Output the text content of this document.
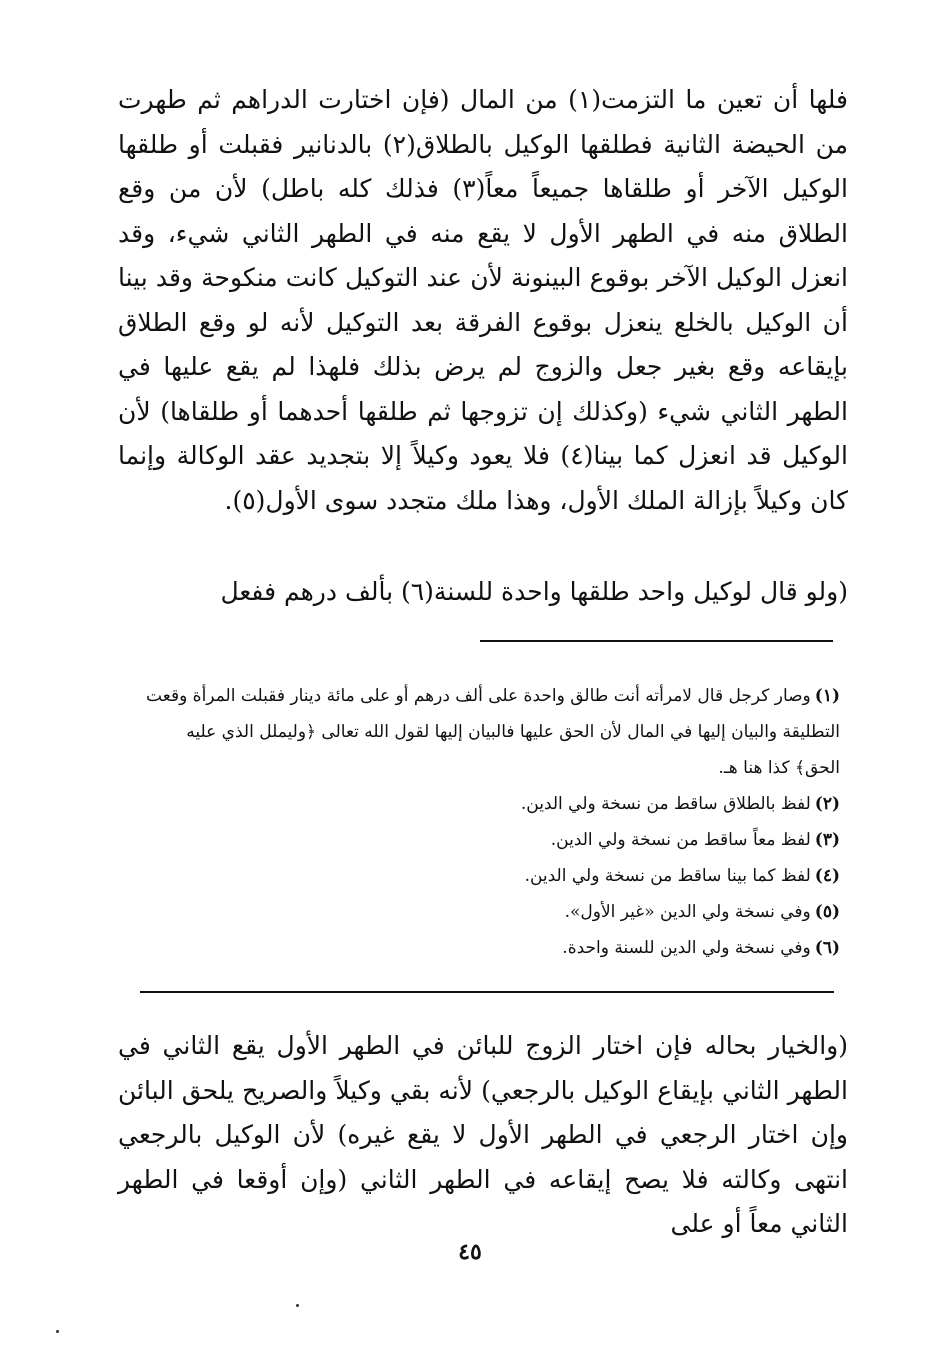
فلها أن تعين ما التزمت(١) من المال (فإن اختارت الدراهم ثم طهرت من الحيضة الثانية فطلقها الوكيل بالطلاق(٢) بالدنانير فقبلت أو طلقها الوكيل الآخر أو طلقاها جميعاً معاً(٣) فذلك كله باطل) لأن من وقع الطلاق منه في الطهر الأول لا يقع منه في الطهر الثاني شيء، وقد انعزل الوكيل الآخر بوقوع البينونة لأن عند التوكيل كانت منكوحة وقد بينا أن الوكيل بالخلع ينعزل بوقوع الفرقة بعد التوكيل لأنه لو وقع الطلاق بإيقاعه وقع بغير جعل والزوج لم يرض بذلك فلهذا لم يقع عليها في الطهر الثاني شيء (وكذلك إن تزوجها ثم طلقها أحدهما أو طلقاها) لأن الوكيل قد انعزل كما بينا(٤) فلا يعود وكيلاً إلا بتجديد عقد الوكالة وإنما كان وكيلاً بإزالة الملك الأول، وهذا ملك متجدد سوى الأول(٥).

(ولو قال لوكيل واحد طلقها واحدة للسنة(٦) بألف درهم ففعل

(١)وصار كرجل قال لامرأته أنت طالق واحدة على ألف درهم أو على مائة دينار فقبلت المرأة وقعت التطليقة والبيان إليها في المال لأن الحق عليها فالبيان إليها لقول الله تعالى ﴿وليملل الذي عليه الحق﴾ كذا هنا هـ.

(٢)لفظ بالطلاق ساقط من نسخة ولي الدين.

(٣)لفظ معاً ساقط من نسخة ولي الدين.

(٤)لفظ كما بينا ساقط من نسخة ولي الدين.

(٥)وفي نسخة ولي الدين «غير الأول».

(٦)وفي نسخة ولي الدين للسنة واحدة.

(والخيار بحاله فإن اختار الزوج للبائن في الطهر الأول يقع الثاني في الطهر الثاني بإيقاع الوكيل بالرجعي) لأنه بقي وكيلاً والصريح يلحق البائن وإن اختار الرجعي في الطهر الأول لا يقع غيره) لأن الوكيل بالرجعي انتهى وكالته فلا يصح إيقاعه في الطهر الثاني (وإن أوقعا في الطهر الثاني معاً أو على

٤٥
